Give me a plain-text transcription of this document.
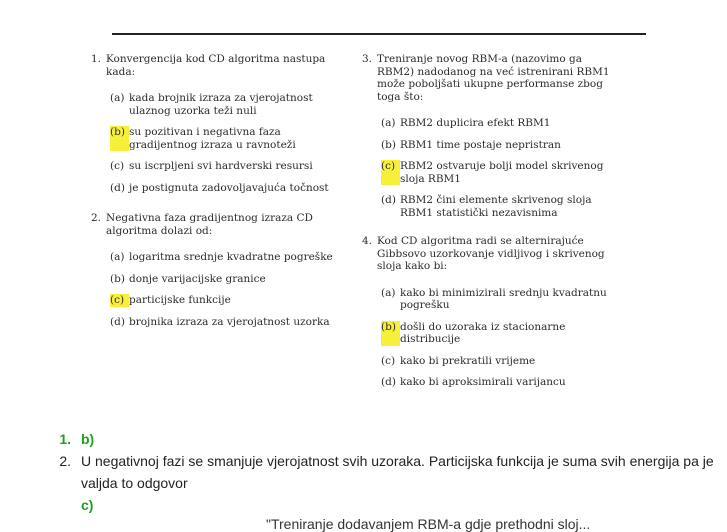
1. Konvergencija kod CD algoritma nastupa kada:
(a) kada brojnik izraza za vjerojatnost ulaznog uzorka teži nuli
(b) su pozitivan i negativna faza gradijentnog izraza u ravnoteži
(c) su iscrpljeni svi hardverski resursi
(d) je postignuta zadovoljavajuća točnost
2. Negativna faza gradijentnog izraza CD algoritma dolazi od:
(a) logaritma srednje kvadratne pogreške
(b) donje varijacijske granice
(c) particijske funkcije
(d) brojnika izraza za vjerojatnost uzorka
3. Treniranje novog RBM-a (nazovimo ga RBM2) nadodanog na već istrenirani RBM1 može poboljšati ukupne performanse zbog toga što:
(a) RBM2 duplicira efekt RBM1
(b) RBM1 time postaje nepristran
(c) RBM2 ostvaruje bolji model skrivenog sloja RBM1
(d) RBM2 čini elemente skrivenog sloja RBM1 statistički nezavisnima
4. Kod CD algoritma radi se alternirajuće Gibbsovo uzorkovanje vidljivog i skrivenog sloja kako bi:
(a) kako bi minimizirali srednju kvadratnu pogrešku
(b) došli do uzoraka iz stacionarne distribucije
(c) kako bi prekratili vrijeme
(d) kako bi aproksimirali varijancu
1. b)
2. U negativnoj fazi se smanjuje vjerojatnost svih uzoraka. Particijska funkcija je suma svih energija pa je valjda to odgovor
c)
"Treniranje dodavanjem RBM-a gdje prethodni sloj...
